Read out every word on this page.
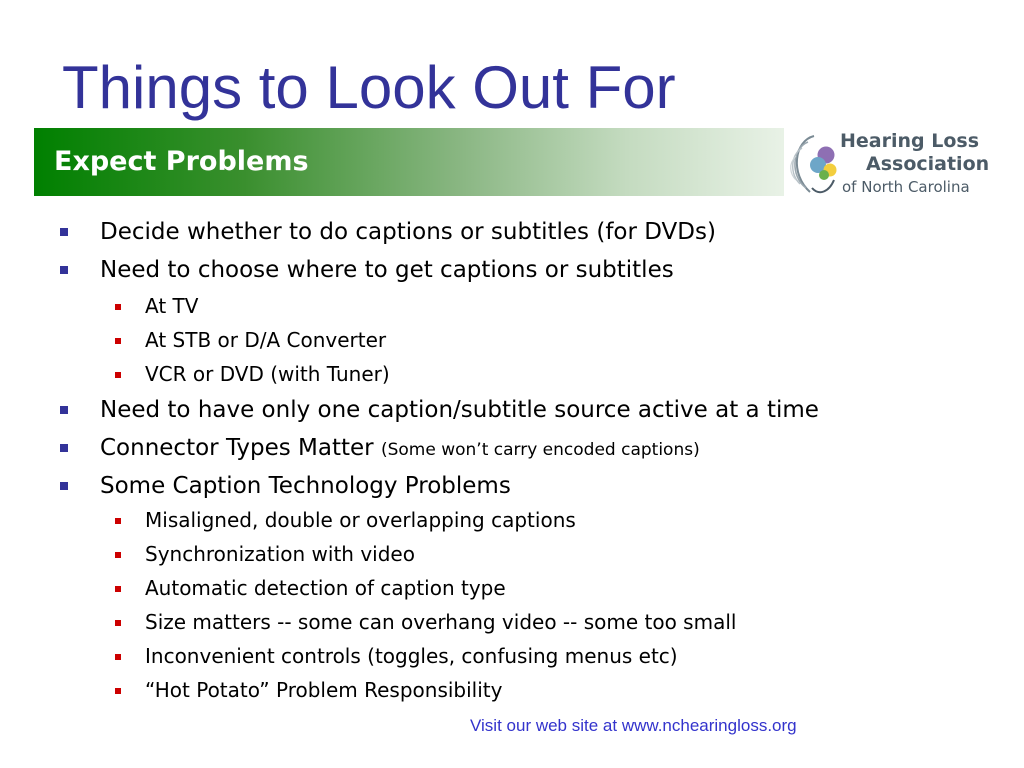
Things to Look Out For
Expect Problems
Hearing Loss
Association
of North Carolina
Decide whether to do captions or subtitles (for DVDs)
Need to choose where to get captions or subtitles
At TV
At STB or D/A Converter
VCR or DVD (with Tuner)
Need to have only one caption/subtitle source active at a time
Connector Types Matter (Some won’t carry encoded captions)
Some Caption Technology Problems
Misaligned, double or overlapping captions
Synchronization with video
Automatic detection of caption type
Size matters -- some can overhang video -- some too small
Inconvenient controls (toggles, confusing menus etc)
“Hot Potato” Problem Responsibility

Visit our web site at www.nchearingloss.org
